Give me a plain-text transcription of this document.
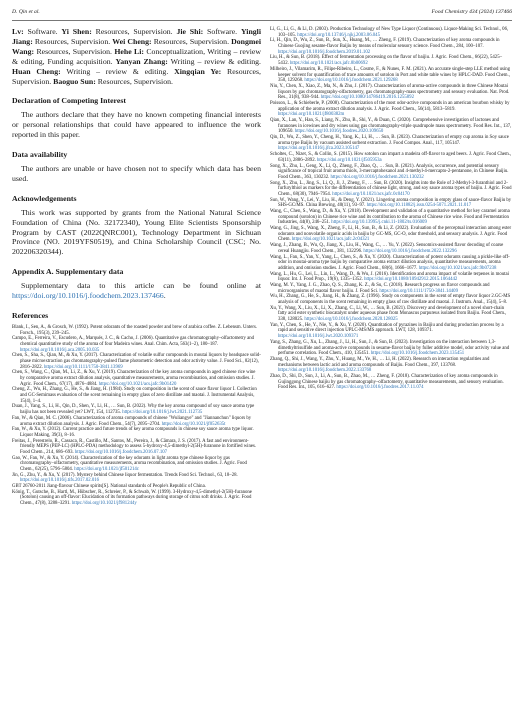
D. Qin et al.	Food Chemistry 434 (2024) 137466

Lv: Software. Yi Shen: Resources, Supervision. Jie Shi: Software. Yingli Jiang: Resources, Supervision. Wei Cheng: Resources, Supervision. Dongmei Wang: Resources, Supervision. Hehe Li: Conceptualization, Writing – review & editing, Funding acquisition. Yanyan Zhang: Writing – review & editing. Huan Cheng: Writing – review & editing. Xingqian Ye: Resources, Supervision. Baoguo Sun: Resources, Supervision.

Declaration of Competing Interest

The authors declare that they have no known competing financial interests or personal relationships that could have appeared to influence the work reported in this paper.

Data availability

The authors are unable or have chosen not to specify which data has been used.

Acknowledgements

This work was supported by grants from the National Natural Science Foundation of China (No. 32172340), Young Elite Scientists Sponsorship Program by CAST (2022QNRC001), Technology Department in Sichuan Province (NO. 2019YFS0519), and China Scholarship Council (CSC; No. 202206320344).

Appendix A. Supplementary data

Supplementary data to this article can be found online at https://doi.org/10.1016/j.foodchem.2023.137466.

References

Blank, I., Sen, A., & Grosch, W. (1992). Potent odorants of the roasted powder and brew of arabica coffee. Z. Lebensm. Unters. Forsch., 195(3), 239–245.

Campo, E., Ferreira, V., Escudero, A., Marqués, J. C., & Cacho, J. (2006). Quantitative gas chromatography–olfactometry and chemical quantitative study of the aroma of four Madeira wines. Anal. Chim. Acta, 563(1–2), 180–187. https://doi.org/10.1016/j.aca.2005.10.035

Chen, S., Sha, S., Qian, M., & Xu, Y. (2017). Characterization of volatile sulfur compounds in moutai liquors by headspace solid-phase microextraction gas chromatography-pulsed flame photometric detection and odor activity value. J. Food Sci., 82(12), 2816–2822. https://doi.org/10.1111/1750-3841.13969

Chen, S., Wang, C., Qian, M., Li, Z., & Xu, Y. (2019). Characterization of the key aroma compounds in aged chinese rice wine by comparative aroma extract dilution analysis, quantitative measurements, aroma recombination, and omission studies. J. Agric. Food Chem., 67(17), 4876–4884. https://doi.org/10.1021/acs.jafc.9b01420

Cheng, Z., Wu, H., Zhang, G., He, S., & Jiang, H. (1984). Study on composition in the scent of sauce flavor liquor I. Collection and GC-Semimass evaluation of the scent remaining in empty glass of zero distillate and maotai. J. Instrumental Analysis, 15(4), 1–4.

Duan, J., Yang, S., Li, H., Qin, D., Shen, Y., Li, H., … Sun, B. (2022). Why the key aroma compound of soy sauce aroma type baijiu has not been revealed yet? LWT, 154, 112735. https://doi.org/10.1016/j.lwt.2021.112735

Fan, W., & Qian, M. C. (2006). Characterization of aroma compounds of chinese "Wuliangye" and "Jiannanchun" liquors by aroma extract dilution analysis. J. Agric. Food Chem., 54(7), 2695–2704. https://doi.org/10.1021/jf052635t

Fan, W., & Xu, Y. (2012). Current practice and future trends of key aroma compounds in chinese soy sauce aroma type liquor. Liquor Making, 39(3), 8–16.

Freitas, J., Perestrelo, R., Cassaca, R., Castillo, M., Santos, M., Pereira, J., & Câmara, J. S. (2017). A fast and environment-friendly MEPS (PEP-LC) (HPLC-PDA) methodology to assess 5-hydroxy-4,5-dimethyl-2(5H)-furanone in fortified wines. Food Chem., 214, 686–693. https://doi.org/10.1016/j.foodchem.2016.07.107

Gao, W., Fan, W., & Xu, Y. (2014). Characterization of the key odorants in light aroma type chinese liquor by gas chromatography–olfactometry, quantitative measurements, aroma recombination, and omission studies. J. Agric. Food Chem., 62(25), 5796–5804. https://doi.org/10.1021/jf501214c

Jin, G., Zhu, Y., & Xu, Y. (2017). Mystery behind Chinese liquor fermentation. Trends Food Sci. Technol., 63, 18–28. https://doi.org/10.1016/j.tifs.2017.02.016

GBT 26760-2011 Jiang-flavour Chinese spirits[S]. National standards of People's Republic of China.

König, T., Gutsche, B., Hartl, M., Hübscher, R., Schreier, P., & Schwab, W. (1999). 3-Hydroxy-4,5-dimethyl-2(5H)-furanone (Sotolon) causing an off-flavor: Elucidation of its formation pathways during storage of citrus soft drinks. J. Agric. Food Chem., 47(8), 3288–3291. https://doi.org/10.1021/jf981244y

Li, G., Li, G., & Li, D. (2003). Production Technology of New Type Liquor (Continuous). Liquor-Making Sci. Technol., 06, 103–105. https://doi.org/10.13746/j.njkj.2003.06.045

Li, H., Qin, D., Wu, Z., Sun, B., Sun, X., Huang, M., … Zheng, F. (2019). Characterization of key aroma compounds in Chinese Guojing sesame-flavor Baijiu by means of molecular sensory science. Food Chem., 284, 100–107. https://doi.org/10.1016/j.foodchem.2019.01.102

Liu, H., & Sun, B. (2018). Effect of fermentation processing on the flavor of baijiu. J. Agric. Food Chem., 66(22), 5425–5432. https://doi.org/10.1021/acs.jafc.8b00692

Milheiro, J., Vilamarim, R., Filipe-Ribeiro, L., Cosme, F., & Nunes, F. M. (2021). An accurate single-step LLE method using keeper solvent for quantification of trace amounts of sotolon in Port and white table wines by HPLC-DAD. Food Chem., 350, 129268. https://doi.org/10.1016/j.foodchem.2021.129268

Niu, Y., Chen, X., Xiao, Z., Ma, N., & Zhu, J. (2017). Characterization of aroma-active compounds in three Chinese Moutai liquors by gas chromatography-olfactometry, gas chromatography-mass spectrometry and sensory evaluation. Nat. Prod. Res., 31(8), 938–944. https://doi.org/10.1080/14786419.2016.1255892

Poisson, L., & Schieberle, P. (2008). Characterization of the most odor-active compounds in an american bourbon whisky by application of the aroma extract dilution analysis. J. Agric. Food Chem., 56(14), 5813–5819. https://doi.org/10.1021/jf800382m

Qian, X., Lan, Y., Han, S., Liang, N., Zhu, B., Shi, Y., & Duan, C. (2020). Comprehensive investigation of lactones and furanones in icewines and dry wines using gas chromatography-triple quadrupole mass spectrometry. Food Res. Int., 137, 109650. https://doi.org/10.1016/j.foodres.2020.109650

Qin, D., Wu, Z., Shen, Y., Cheng, H., Yang, K., Li, H., … Sun, B. (2023). Characterization of empty cup aroma in Soy sauce aroma type Baijiu by vacuum assisted sorbent extraction. J. Food Compos. Anal., 117, 105147. https://doi.org/10.1016/j.jfca.2023.105147

Scholtes, C., Nizet, S., & Collin, S. (2015). How sotolon can impart a madeira off-flavor to aged beers. J. Agric. Food Chem., 63(11), 2886–2892. https://doi.org/10.1021/jf505953a

Song, X., Zhu, L., Geng, X., Li, Q., Zheng, F., Zhao, Q., … Sun, B. (2021). Analysis, occurrence, and potential sensory significance of tropical fruit aroma thiols, 3-mercaptohexanol and 4-methyl-4-mercapto-2-pentanone, in Chinese Baijiu. Food Chem., 363, 130232. https://doi.org/10.1016/j.foodchem.2021.130232

Song, X., Zhu, L., Jing, S., Li, Q., Ji, J., Zheng, F., … Sun, B. (2020). Insights into the Role of 2-Methyl-3-furanthiol and 2-furfurylthiol as markers for the differentiation of chinese light, strong, and soy sauce aroma types of baijiu. J. Agric. Food Chem., 68(30), 7946–7954. https://doi.org/10.1021/acs.jafc.0c04170

Sun, W., Wang, Y., Lei, Y., Liu, H., & Deng, Y. (2021). Lingering aroma composition in empty glass of sauce-flavor Baijiu by SHS-GC/MS. China Brewing, 40(11), 93–97. https://doi.org/10.11882/j.issn.0254-5071.2021.11.017

Wang, C., Chen, S., Wang, D., & Xu, Y. (2018). Development and validation of a quantitative method for key caramel aroma compound (sotolon) in Chinese rice wine and its contribution to the aroma of Chinese rice wine. Food and Fermentation Industries, 44(8), 246–251. https://doi.org/10.13995/j.cnki.11-1802/ts.016009

Wang, G., Jing, S., Wang, X., Zheng, F., Li, H., Sun, B., & Li, Z. (2022). Evaluation of the perceptual interaction among ester odorants and nonvolatile organic acids in baijiu by GC-MS, GC-O, odor threshold, and sensory analysis. J. Agric. Food Chem. https://doi.org/10.1021/acs.jafc.2c04321

Wang, J., Zhang, B., Wu, Q., Jiang, X., Liu, H., Wang, C., … Yu, Y. (2022). Sensomics-assisted flavor decoding of coarse cereal Huangjiu. Food Chem., 381, 132296. https://doi.org/10.1016/j.foodchem.2022.132296

Wang, L., Fan, S., Yan, Y., Yang, L., Chen, S., & Xu, Y. (2020). Characterization of potent odorants causing a pickle-like off-odor in moutai-aroma type baijiu by comparative aroma extract dilution analysis, quantitative measurements, aroma addition, and omission studies. J. Agric. Food Chem., 68(6), 1666–1677. https://doi.org/10.1021/acs.jafc.9b07238

Wang, L., Hu, G., Lei, L., Lin, L., Wang, D., & Wu, J. (2016). Identification and aroma impact of volatile terpenes in moutai liquor. Int. J. Food Prop., 19(6), 1335–1352. https://doi.org/10.1080/10942912.2015.1064442

Wang, M. Y., Yang, J. G., Zhao, Q. S., Zhang, K. Z., & Su, C. (2018). Research progress on flavor compounds and microorganisms of maotai flavor baijiu. J. Food Sci. https://doi.org/10.1111/1750-3841.14409

Wu, H., Zhang, G., He, S., Jiang, H., & Zhang, Z. (1996). Study on components in the scent of empty flavor liquor 2.GC-MS analysis of components in the scent remaining in empty glass of raw distillate and maotai. J. Instrum. Anal., 15(4), 5–8.

Xu, Y., Wang, X., Liu, X., Li, X., Zhang, C., Li, W., … Sun, B. (2021). Discovery and development of a novel short-chain fatty acid ester synthetic biocatalyst under aqueous phase from Monascus purpureus isolated from Baijiu. Food Chem., 338, 128025. https://doi.org/10.1016/j.foodchem.2020.128025

Yan, Y., Chen, S., He, Y., Nie, Y., & Xu, Y. (2020). Quantitation of pyrazines in Baijiu and during production process by a rapid and sensitive direct injection UPLC-MS/MS approach. LWT, 128, 109371. https://doi.org/10.1016/j.lwt.2020.109371

Yang, S., Zhang, G., Xu, L., Zhang, J., Li, H., Sun, J., & Sun, B. (2023). Investigation on the interaction between 1,3-dimethyltrisulfide and aroma-active compounds in sesame-flavor baijiu by fuller additive model, odor activity value and perfume correlation. Food Chem., 410, 135451. https://doi.org/10.1016/j.foodchem.2023.135451

Zhang, Q., Shi, J., Wang, Y., Zhu, Y., Huang, M., Ye, H., … Li, H. (2022). Research on interaction regularities and mechanisms between lactic acid and aroma compounds of Baijiu. Food Chem., 397, 133768. https://doi.org/10.1016/j.foodchem.2022.133768

Zhao, D., Shi, D., Sun, J., Li, A., Sun, B., Zhao, M., … Zheng, F. (2018). Characterization of key aroma compounds in Gujinggong Chinese baijiu by gas chromatography–olfactometry, quantitative measurements, and sensory evaluation. Food Res. Int., 105, 616–627. https://doi.org/10.1016/j.foodres.2017.11.074
